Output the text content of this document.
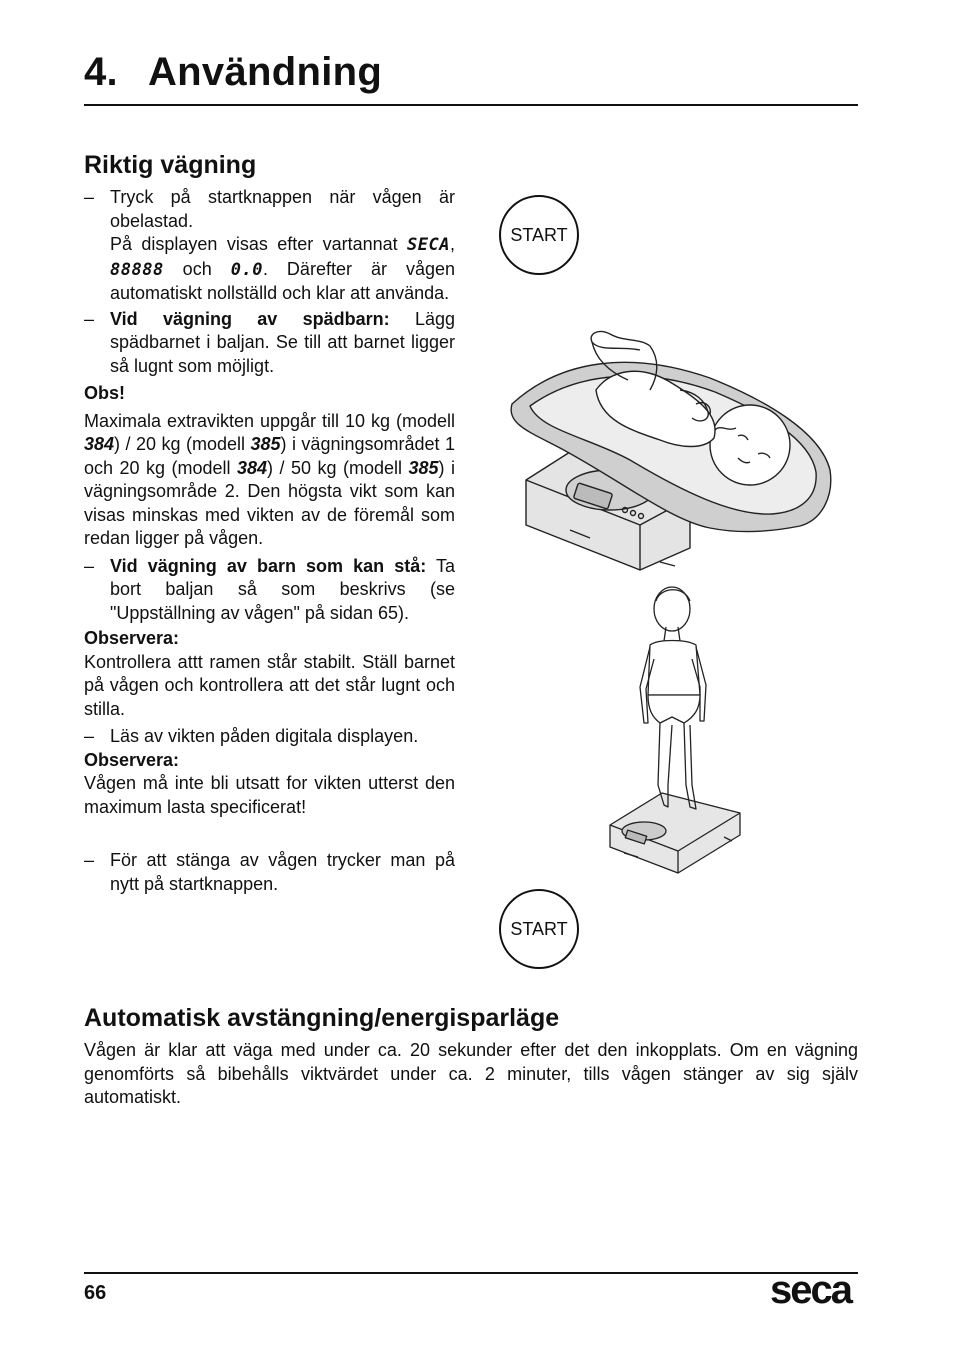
4. Användning
Riktig vägning
– Tryck på startknappen när vågen är obelastad.

På displayen visas efter vartannat SECA, 88888 och 0.0. Därefter är vågen automatiskt nollställd och klar att använda.

– Vid vägning av spädbarn: Lägg spädbarnet i baljan. Se till att barnet ligger så lugnt som möjligt.

Obs!

Maximala extravikten uppgår till 10 kg (modell 384) / 20 kg (modell 385) i vägningsområdet 1 och 20 kg (modell 384) / 50 kg (modell 385) i vägningsområde 2. Den högsta vikt som kan visas minskas med vikten av de föremål som redan ligger på vågen.

– Vid vägning av barn som kan stå: Ta bort baljan så som beskrivs (se "Uppställning av vågen" på sidan 65).

Observera:

Kontrollera attt ramen står stabilt. Ställ barnet på vågen och kontrollera att det står lugnt och stilla.

– Läs av vikten påden digitala displayen.

Observera:

Vågen må inte bli utsatt for vikten utterst den maximum lasta specificerat!

– För att stänga av vågen trycker man på nytt på startknappen.

START
START
Automatisk avstängning/energisparläge

Vågen är klar att väga med under ca. 20 sekunder efter det den inkopplats. Om en vägning genomförts så bibehålls viktvärdet under ca. 2 minuter, tills vågen stänger av sig själv automatiskt.

66	seca
